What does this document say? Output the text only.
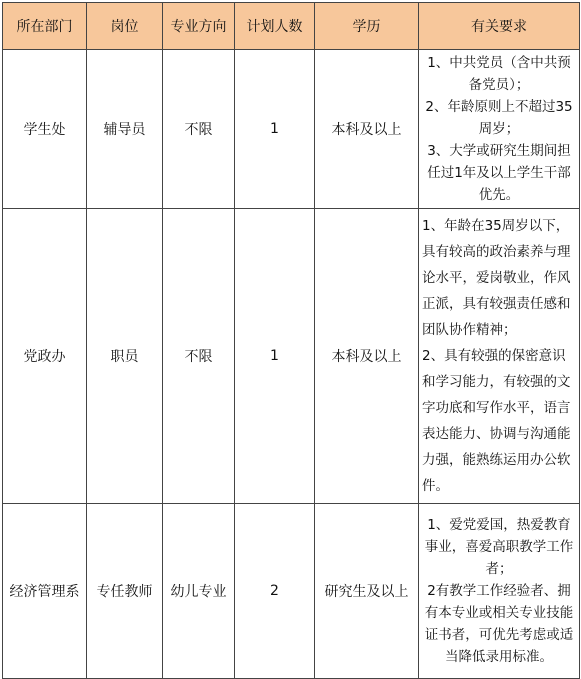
所在部门	岗位	专业方向	计划人数	学历	有关要求
学生处	辅导员	不限	1	本科及以上	1、中共党员（含中共预备党员）；

2、年龄原则上不超过35周岁；

3、大学或研究生期间担任过1年及以上学生干部优先。

党政办	职员	不限	1	本科及以上	1、年龄在35周岁以下，具有较高的政治素养与理论水平，爱岗敬业，作风正派，具有较强责任感和团队协作精神；

2、具有较强的保密意识和学习能力，有较强的文字功底和写作水平，语言表达能力、协调与沟通能力强，能熟练运用办公软件。

经济管理系	专任教师	幼儿专业	2	研究生及以上	1、爱党爱国，热爱教育事业，喜爱高职教学工作者；

2有教学工作经验者、拥有本专业或相关专业技能证书者，可优先考虑或适当降低录用标准。
